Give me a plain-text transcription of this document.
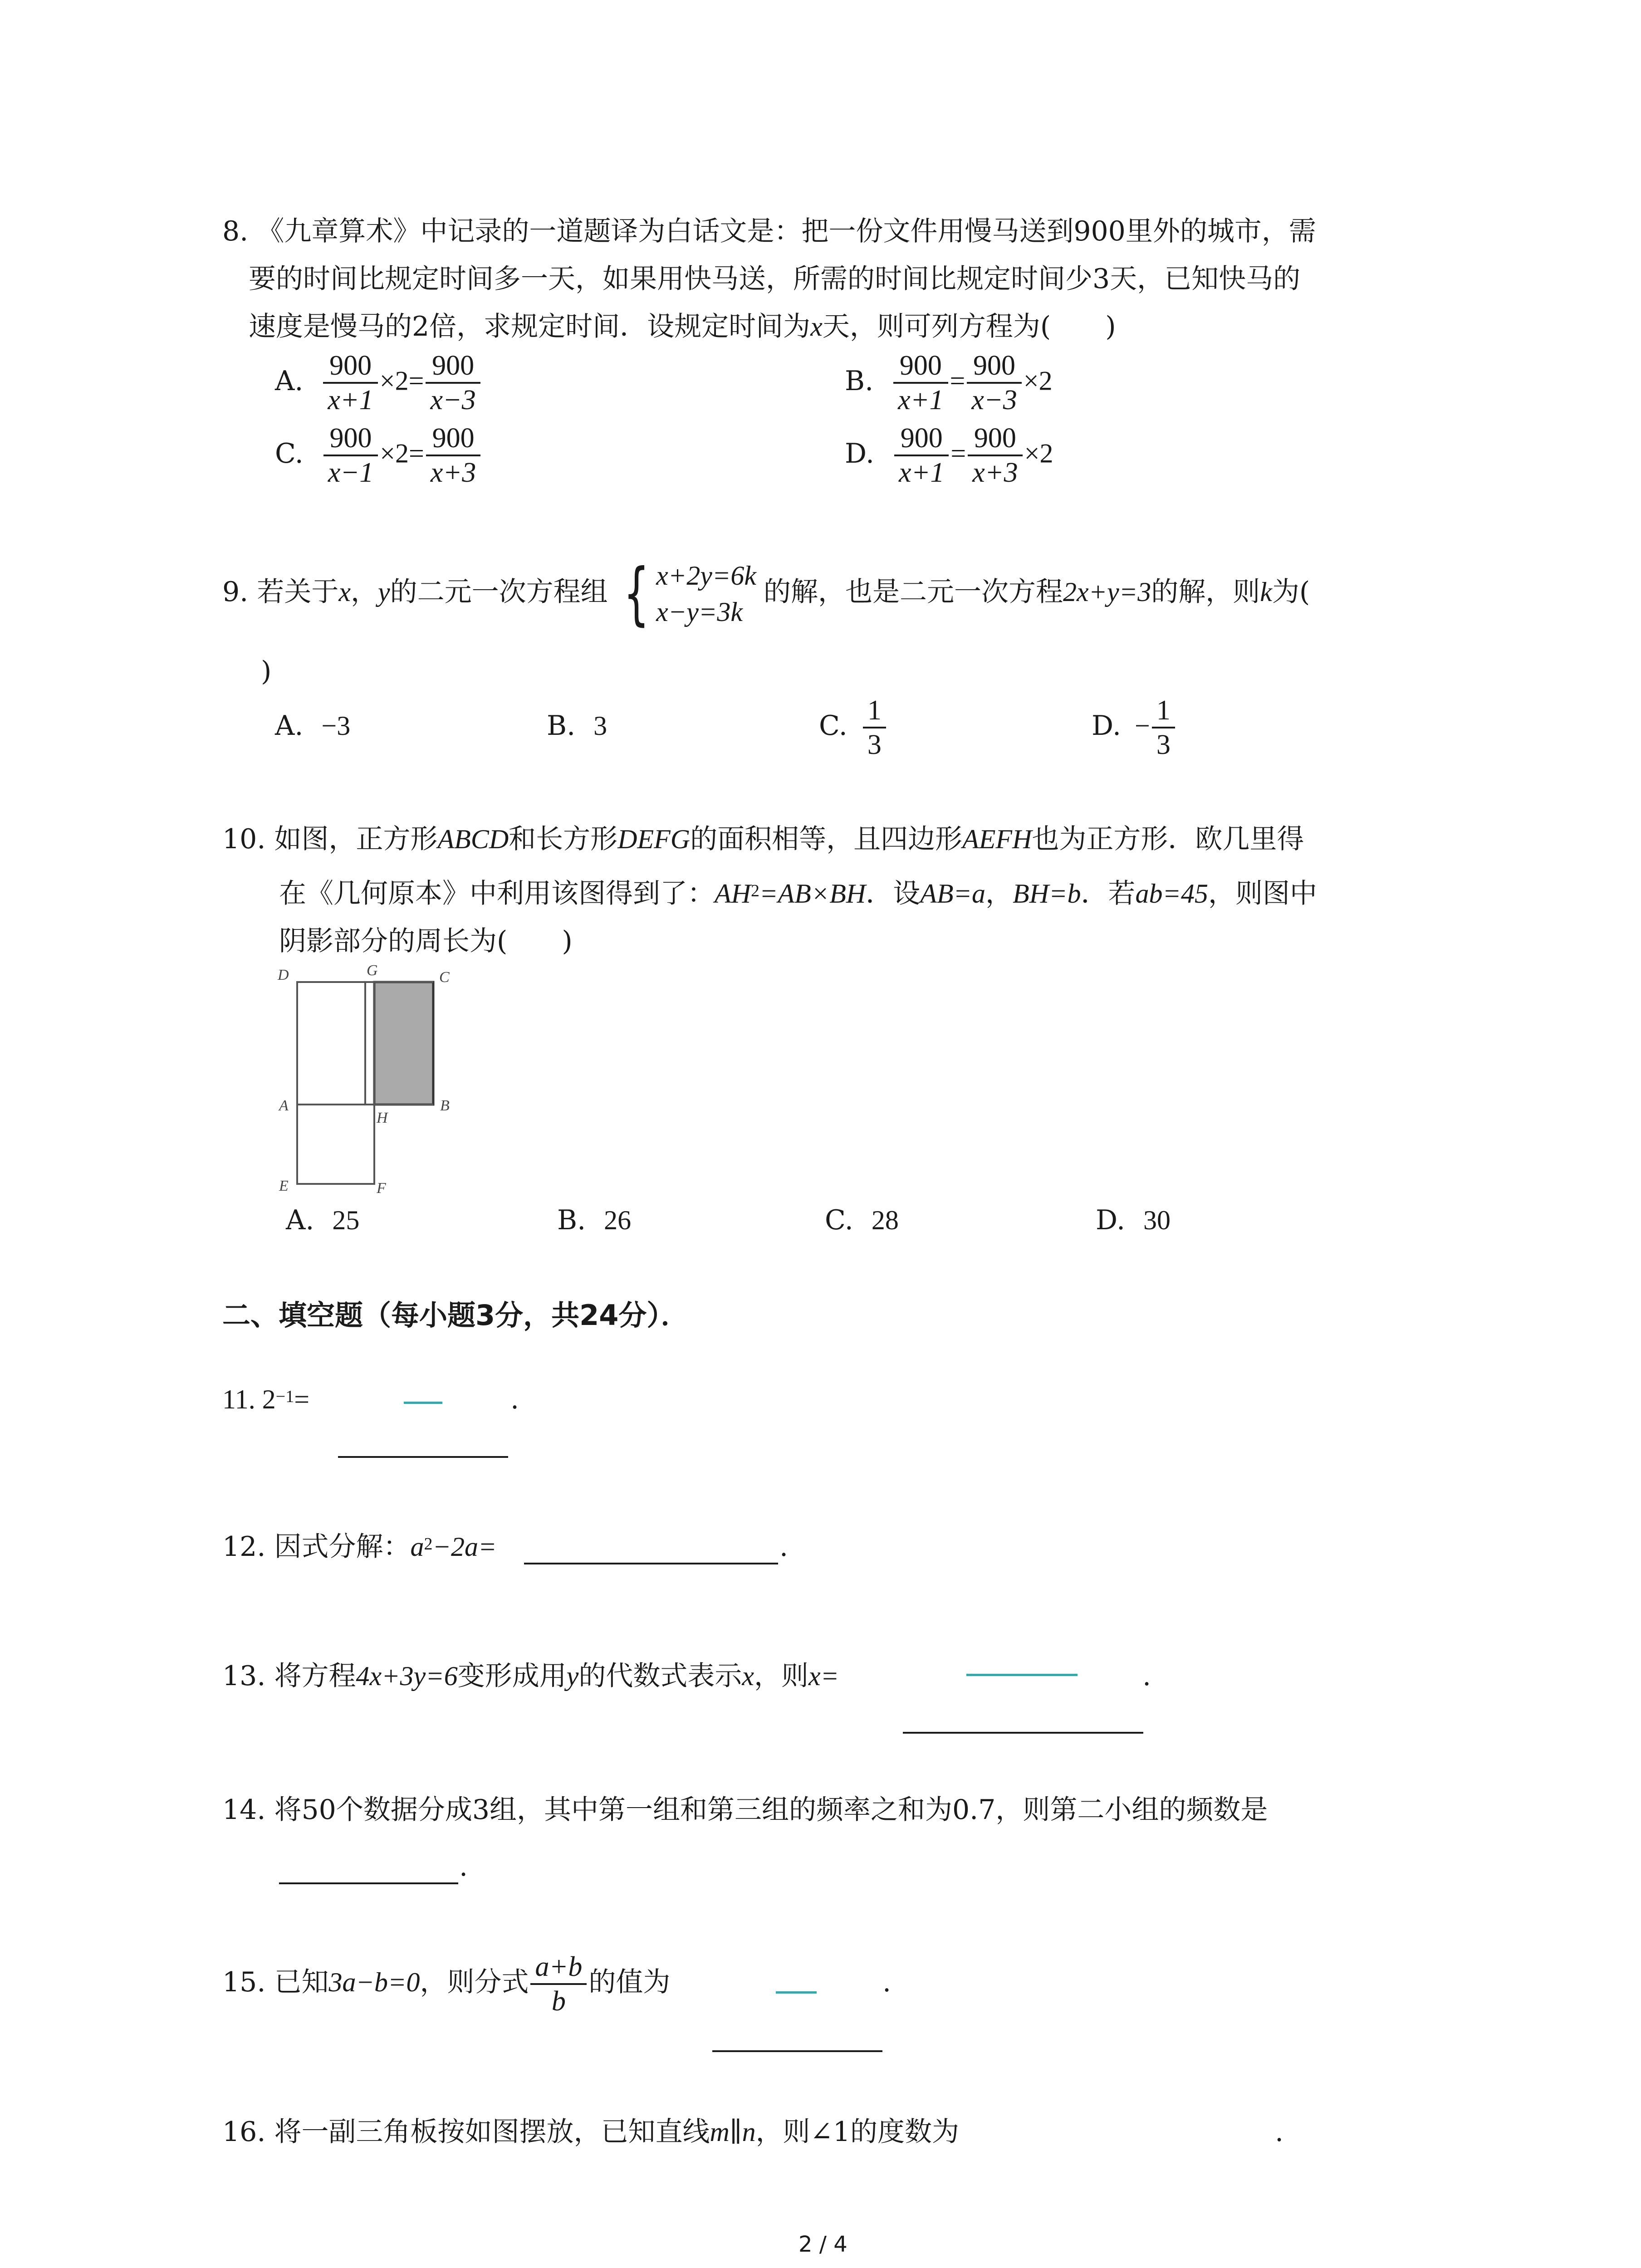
8. 《九章算术》中记录的一道题译为白话文是：把一份文件用慢马送到900里外的城市，需
要的时间比规定时间多一天，如果用快马送，所需的时间比规定时间少3天，已知快马的
速度是慢马的2倍，求规定时间．设规定时间为x天，则可列方程为(　　)
A. $\frac{900}{x+1} \times 2= \frac{900}{x-3}$	B. $\frac{900}{x+1} = \frac{900}{x-3} \times 2$
C. $\frac{900}{x-1} \times 2= \frac{900}{x+3}$	D. $\frac{900}{x+1} = \frac{900}{x+3} \times 2$
9. 若关于x，y的二元一次方程组 { x+2y=6k
x−y=3k
的解，也是二元一次方程2x+y=3的解，则k为(
)
A. −3	B. 3	C. $\frac{1}{3}$	D. − $\frac{1}{3}$
10. 如图，正方形ABCD和长方形DEFG的面积相等，且四边形AEFH也为正方形．欧几里得
在《几何原本》中利用该图得到了：$AH^2=AB\times BH$．设AB=a，BH=b．若ab=45，则图中
阴影部分的周长为(　　)
D	G	C
A
H
B
E	F
A. 25	B. 26	C. 28	D. 30
二、填空题（每小题3分，共24分）．
11. $2^{-1}=$	.
12. 因式分解：$a^2-2a=$	.
13. 将方程4x+3y=6变形成用y的代数式表示x，则x=	.
14. 将50个数据分成3组，其中第一组和第三组的频率之和为0.7，则第二小组的频数是
.
15. 已知3a−b=0，则分式 $\frac{a+b}{b}$ 的值为	.
16. 将一副三角板按如图摆放，已知直线m∥n，则∠1的度数为	.
2 / 4
